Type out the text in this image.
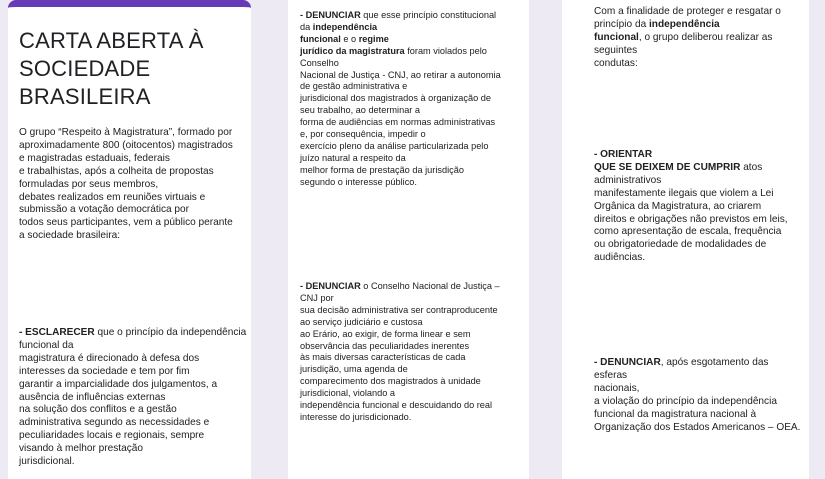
CARTA ABERTA À
SOCIEDADE
BRASILEIRA
O grupo “Respeito à Magistratura”, formado por
aproximadamente 800 (oitocentos) magistrados
e magistradas estaduais, federais
e trabalhistas, após a colheita de propostas
formuladas por seus membros,
debates realizados em reuniões virtuais e
submissão a votação democrática por
todos seus participantes, vem a público perante
a sociedade brasileira:
- ESCLARECER que o princípio da independência
funcional da
magistratura é direcionado à defesa dos
interesses da sociedade e tem por fim
garantir a imparcialidade dos julgamentos, a
ausência de influências externas
na solução dos conflitos e a gestão
administrativa segundo as necessidades e
peculiaridades locais e regionais, sempre
visando à melhor prestação
jurisdicional.
- DENUNCIAR que esse princípio constitucional
da independência
funcional e o regime
jurídico da magistratura foram violados pelo
Conselho
Nacional de Justiça - CNJ, ao retirar a autonomia
de gestão administrativa e
jurisdicional dos magistrados à organização de
seu trabalho, ao determinar a
forma de audiências em normas administrativas
e, por consequência, impedir o
exercício pleno da análise particularizada pelo
juízo natural a respeito da
melhor forma de prestação da jurisdição
segundo o interesse público.
- DENUNCIAR o Conselho Nacional de Justiça –
CNJ por
sua decisão administrativa ser contraproducente
ao serviço judiciário e custosa
ao Erário, ao exigir, de forma linear e sem
observância das peculiaridades inerentes
às mais diversas características de cada
jurisdição, uma agenda de
comparecimento dos magistrados à unidade
jurisdicional, violando a
independência funcional e descuidando do real
interesse do jurisdicionado.
Com a finalidade de proteger e resgatar o
princípio da independência
funcional, o grupo deliberou realizar as seguintes
condutas:
- ORIENTAR
QUE SE DEIXEM DE CUMPRIR atos
administrativos
manifestamente ilegais que violem a Lei
Orgânica da Magistratura, ao criarem
direitos e obrigações não previstos em leis,
como apresentação de escala, frequência
ou obrigatoriedade de modalidades de
audiências.
- DENUNCIAR, após esgotamento das esferas
nacionais,
a violação do princípio da independência
funcional da magistratura nacional à
Organização dos Estados Americanos – OEA.
